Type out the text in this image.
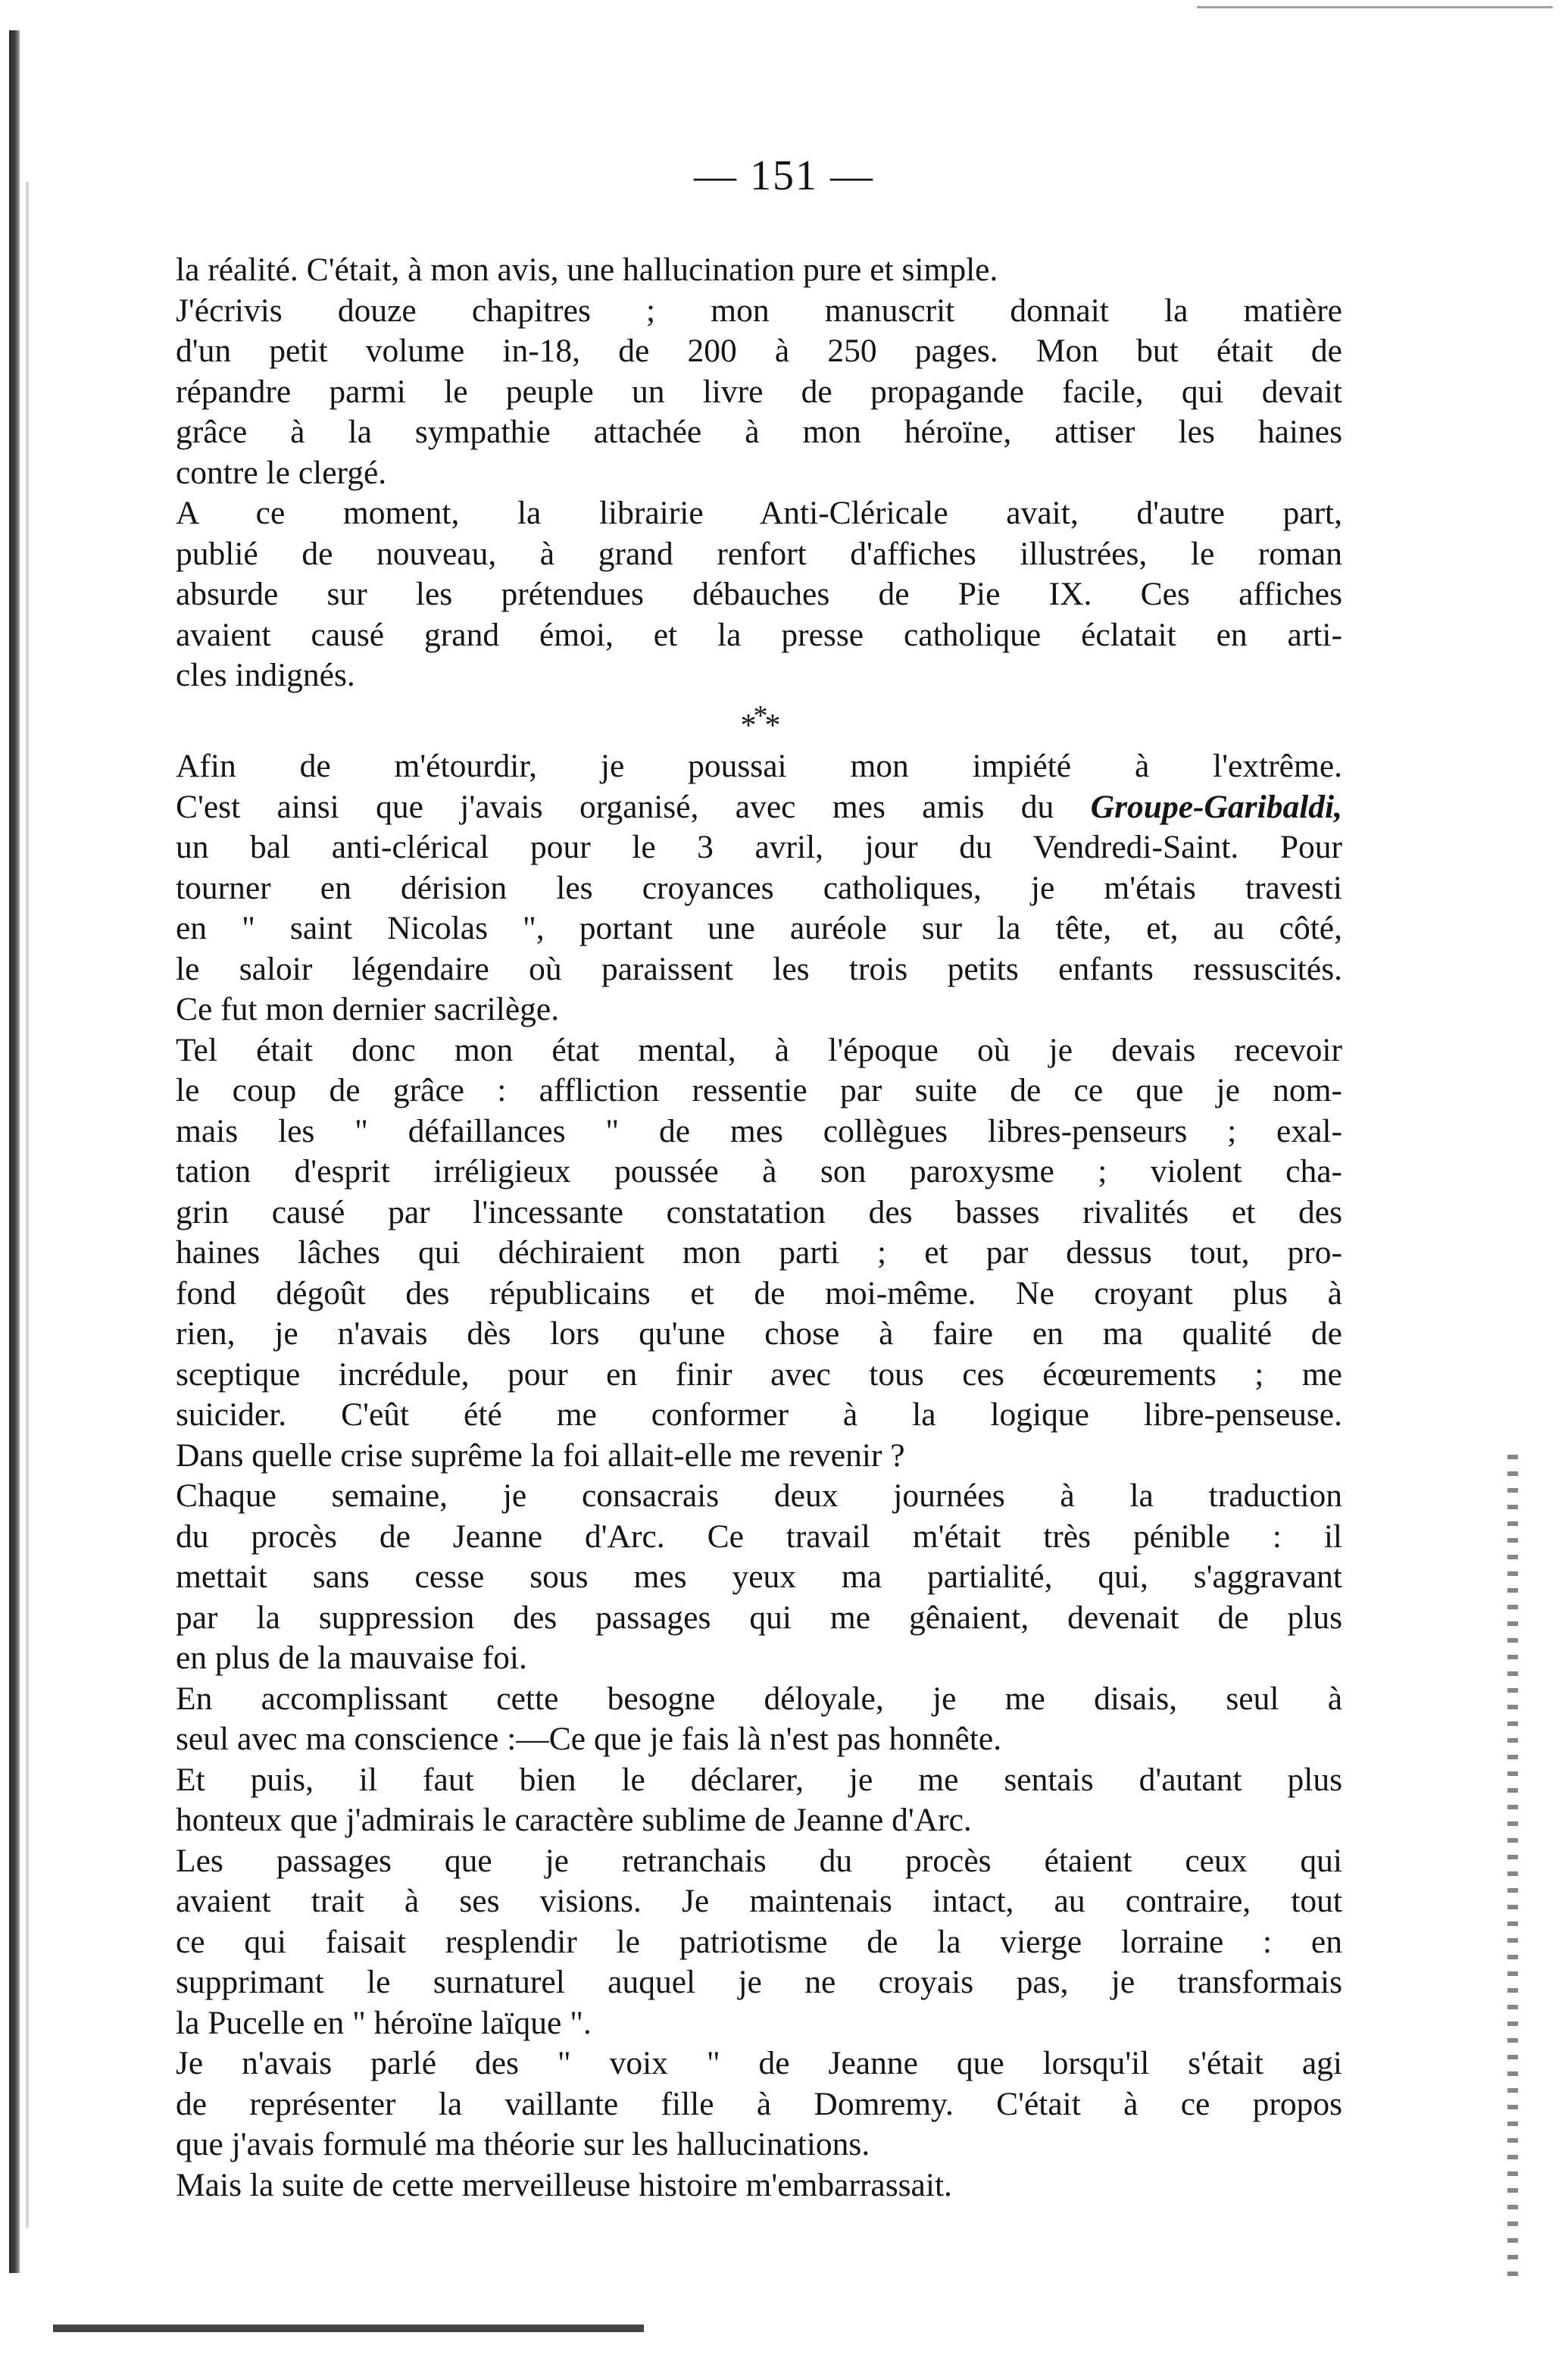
— 151 —
la réalité. C'était, à mon avis, une hallucination pure et simple.
J'écrivis douze chapitres ; mon manuscrit donnait la matière
d'un petit volume in-18, de 200 à 250 pages. Mon but était de
répandre parmi le peuple un livre de propagande facile, qui devait
grâce à la sympathie attachée à mon héroïne, attiser les haines
contre le clergé.
A ce moment, la librairie Anti-Cléricale avait, d'autre part,
publié de nouveau, à grand renfort d'affiches illustrées, le roman
absurde sur les prétendues débauches de Pie IX. Ces affiches
avaient causé grand émoi, et la presse catholique éclatait en arti-
cles indignés.
***
Afin de m'étourdir, je poussai mon impiété à l'extrême.
C'est ainsi que j'avais organisé, avec mes amis du Groupe-Garibaldi,
un bal anti-clérical pour le 3 avril, jour du Vendredi-Saint. Pour
tourner en dérision les croyances catholiques, je m'étais travesti
en " saint Nicolas ", portant une auréole sur la tête, et, au côté,
le saloir légendaire où paraissent les trois petits enfants ressuscités.
Ce fut mon dernier sacrilège.
Tel était donc mon état mental, à l'époque où je devais recevoir
le coup de grâce : affliction ressentie par suite de ce que je nom-
mais les " défaillances " de mes collègues libres-penseurs ; exal-
tation d'esprit irréligieux poussée à son paroxysme ; violent cha-
grin causé par l'incessante constatation des basses rivalités et des
haines lâches qui déchiraient mon parti ; et par dessus tout, pro-
fond dégoût des républicains et de moi-même. Ne croyant plus à
rien, je n'avais dès lors qu'une chose à faire en ma qualité de
sceptique incrédule, pour en finir avec tous ces écœurements ; me
suicider. C'eût été me conformer à la logique libre-penseuse.
Dans quelle crise suprême la foi allait-elle me revenir ?
Chaque semaine, je consacrais deux journées à la traduction
du procès de Jeanne d'Arc. Ce travail m'était très pénible : il
mettait sans cesse sous mes yeux ma partialité, qui, s'aggravant
par la suppression des passages qui me gênaient, devenait de plus
en plus de la mauvaise foi.
En accomplissant cette besogne déloyale, je me disais, seul à
seul avec ma conscience :—Ce que je fais là n'est pas honnête.
Et puis, il faut bien le déclarer, je me sentais d'autant plus
honteux que j'admirais le caractère sublime de Jeanne d'Arc.
Les passages que je retranchais du procès étaient ceux qui
avaient trait à ses visions. Je maintenais intact, au contraire, tout
ce qui faisait resplendir le patriotisme de la vierge lorraine : en
supprimant le surnaturel auquel je ne croyais pas, je transformais
la Pucelle en " héroïne laïque ".
Je n'avais parlé des " voix " de Jeanne que lorsqu'il s'était agi
de représenter la vaillante fille à Domremy. C'était à ce propos
que j'avais formulé ma théorie sur les hallucinations.
Mais la suite de cette merveilleuse histoire m'embarrassait.
